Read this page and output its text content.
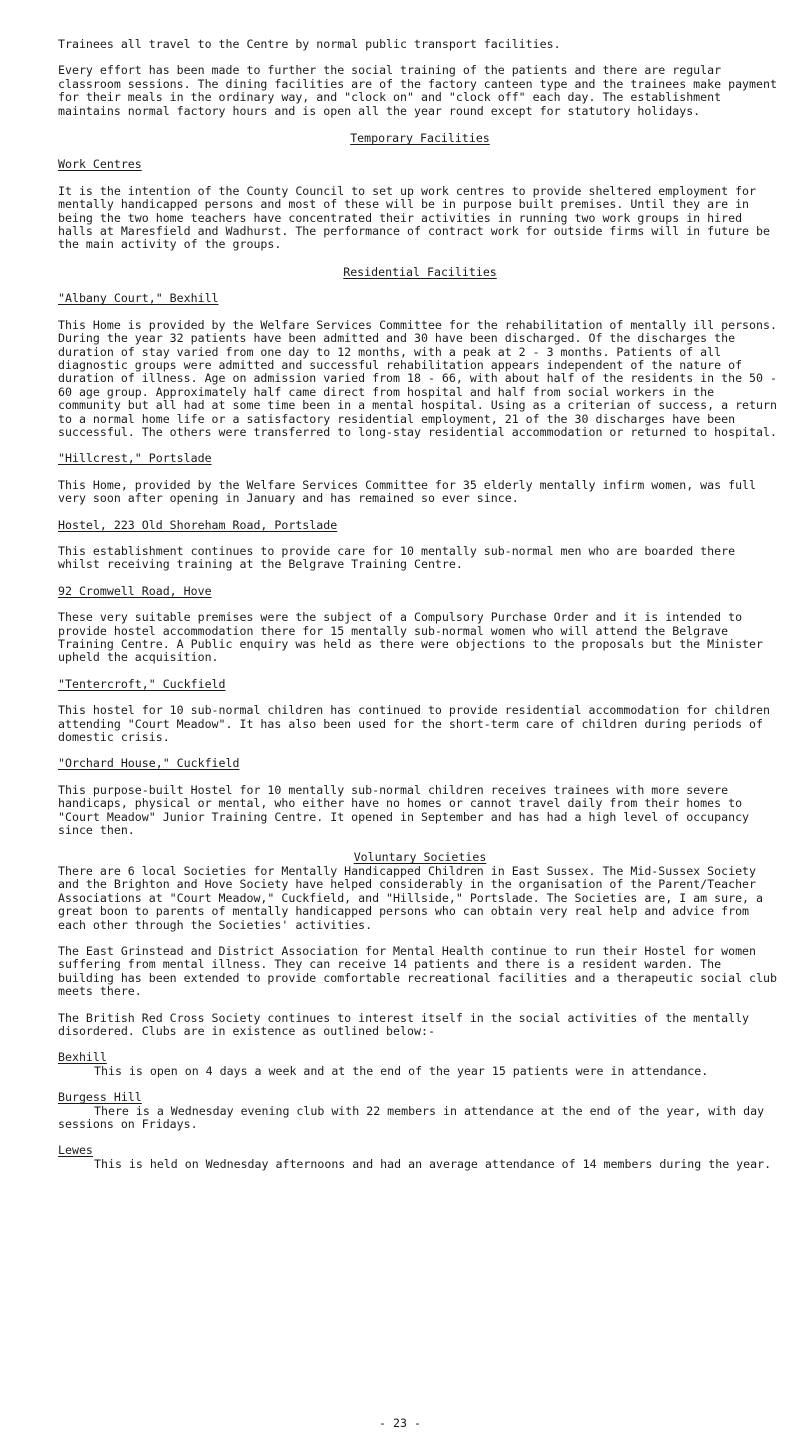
Trainees all travel to the Centre by normal public transport facilities.

Every effort has been made to further the social training of the patients and there are regular classroom sessions. The dining facilities are of the factory canteen type and the trainees make payment for their meals in the ordinary way, and "clock on" and "clock off" each day. The establishment maintains normal factory hours and is open all the year round except for statutory holidays.

Temporary Facilities

Work Centres

It is the intention of the County Council to set up work centres to provide sheltered employment for mentally handicapped persons and most of these will be in purpose built premises. Until they are in being the two home teachers have concentrated their activities in running two work groups in hired halls at Maresfield and Wadhurst. The performance of contract work for outside firms will in future be the main activity of the groups.

Residential Facilities

"Albany Court," Bexhill

This Home is provided by the Welfare Services Committee for the rehabilitation of mentally ill persons. During the year 32 patients have been admitted and 30 have been discharged. Of the discharges the duration of stay varied from one day to 12 months, with a peak at 2 - 3 months. Patients of all diagnostic groups were admitted and successful rehabilitation appears independent of the nature of duration of illness. Age on admission varied from 18 - 66, with about half of the residents in the 50 - 60 age group. Approximately half came direct from hospital and half from social workers in the community but all had at some time been in a mental hospital. Using as a criterian of success, a return to a normal home life or a satisfactory residential employment, 21 of the 30 discharges have been successful. The others were transferred to long-stay residential accommodation or returned to hospital.

"Hillcrest," Portslade

This Home, provided by the Welfare Services Committee for 35 elderly mentally infirm women, was full very soon after opening in January and has remained so ever since.

Hostel, 223 Old Shoreham Road, Portslade

This establishment continues to provide care for 10 mentally sub-normal men who are boarded there whilst receiving training at the Belgrave Training Centre.

92 Cromwell Road, Hove

These very suitable premises were the subject of a Compulsory Purchase Order and it is intended to provide hostel accommodation there for 15 mentally sub-normal women who will attend the Belgrave Training Centre. A Public enquiry was held as there were objections to the proposals but the Minister upheld the acquisition.

"Tentercroft," Cuckfield

This hostel for 10 sub-normal children has continued to provide residential accommodation for children attending "Court Meadow". It has also been used for the short-term care of children during periods of domestic crisis.

"Orchard House," Cuckfield

This purpose-built Hostel for 10 mentally sub-normal children receives trainees with more severe handicaps, physical or mental, who either have no homes or cannot travel daily from their homes to "Court Meadow" Junior Training Centre. It opened in September and has had a high level of occupancy since then.

Voluntary Societies

There are 6 local Societies for Mentally Handicapped Children in East Sussex. The Mid-Sussex Society and the Brighton and Hove Society have helped considerably in the organisation of the Parent/Teacher Associations at "Court Meadow," Cuckfield, and "Hillside," Portslade. The Societies are, I am sure, a great boon to parents of mentally handicapped persons who can obtain very real help and advice from each other through the Societies' activities.

The East Grinstead and District Association for Mental Health continue to run their Hostel for women suffering from mental illness. They can receive 14 patients and there is a resident warden. The building has been extended to provide comfortable recreational facilities and a therapeutic social club meets there.

The British Red Cross Society continues to interest itself in the social activities of the mentally disordered. Clubs are in existence as outlined below:-

Bexhill

This is open on 4 days a week and at the end of the year 15 patients were in attendance.

Burgess Hill

There is a Wednesday evening club with 22 members in attendance at the end of the year, with day sessions on Fridays.

Lewes

This is held on Wednesday afternoons and had an average attendance of 14 members during the year.

- 23 -
